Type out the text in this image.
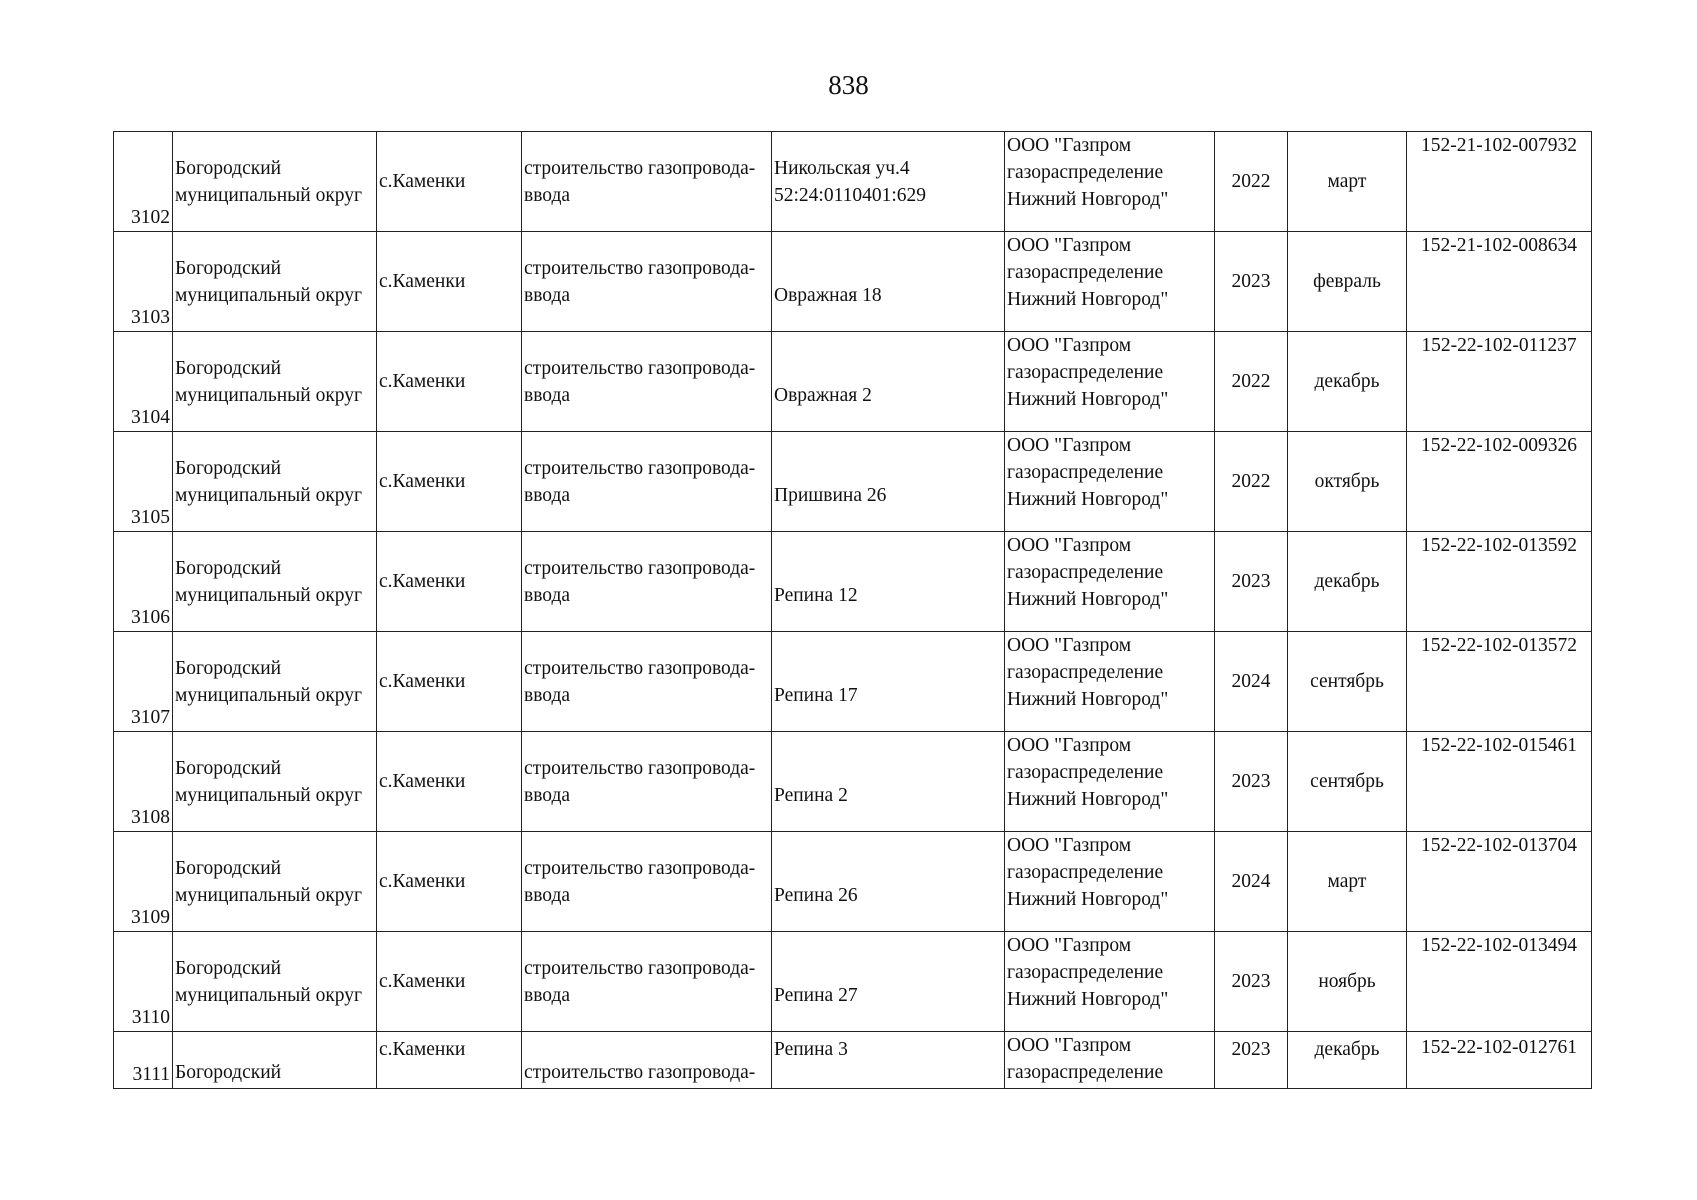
838
3102	Богородский
муниципальный округ	с.Каменки	строительство газопровода-
ввода	Никольская уч.4
52:24:0110401:629	ООО "Газпром
газораспределение
Нижний Новгород"	2022	март	152-21-102-007932
3103	Богородский
муниципальный округ	с.Каменки	строительство газопровода-
ввода	Овражная 18	ООО "Газпром
газораспределение
Нижний Новгород"	2023	февраль	152-21-102-008634
3104	Богородский
муниципальный округ	с.Каменки	строительство газопровода-
ввода	Овражная 2	ООО "Газпром
газораспределение
Нижний Новгород"	2022	декабрь	152-22-102-011237
3105	Богородский
муниципальный округ	с.Каменки	строительство газопровода-
ввода	Пришвина 26	ООО "Газпром
газораспределение
Нижний Новгород"	2022	октябрь	152-22-102-009326
3106	Богородский
муниципальный округ	с.Каменки	строительство газопровода-
ввода	Репина 12	ООО "Газпром
газораспределение
Нижний Новгород"	2023	декабрь	152-22-102-013592
3107	Богородский
муниципальный округ	с.Каменки	строительство газопровода-
ввода	Репина 17	ООО "Газпром
газораспределение
Нижний Новгород"	2024	сентябрь	152-22-102-013572
3108	Богородский
муниципальный округ	с.Каменки	строительство газопровода-
ввода	Репина 2	ООО "Газпром
газораспределение
Нижний Новгород"	2023	сентябрь	152-22-102-015461
3109	Богородский
муниципальный округ	с.Каменки	строительство газопровода-
ввода	Репина 26	ООО "Газпром
газораспределение
Нижний Новгород"	2024	март	152-22-102-013704
3110	Богородский
муниципальный округ	с.Каменки	строительство газопровода-
ввода	Репина 27	ООО "Газпром
газораспределение
Нижний Новгород"	2023	ноябрь	152-22-102-013494
3111	Богородский	с.Каменки	строительство газопровода-	Репина 3	ООО "Газпром
газораспределение	2023	декабрь	152-22-102-012761
